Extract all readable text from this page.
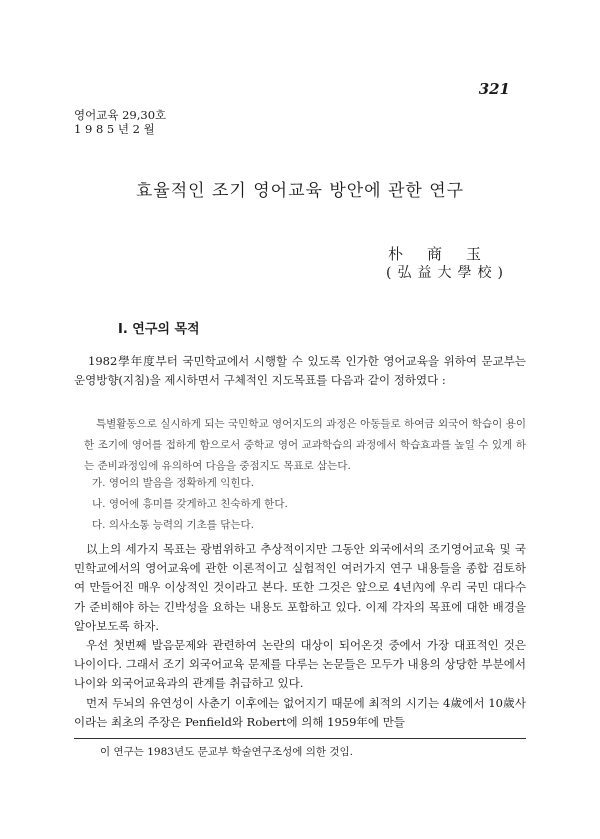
321
영어교육 29,30호
1 9 8 5 년 2 월
효율적인 조기 영어교육 방안에 관한 연구
朴商玉
(弘益大學校)
I. 연구의 목적
1982學年度부터 국민학교에서 시행할 수 있도록 인가한 영어교육을 위하여 문교부는 운영방향(지침)을 제시하면서 구체적인 지도목표를 다음과 같이 정하였다 :
특별활동으로 실시하게 되는 국민학교 영어지도의 과정은 아동들로 하여금 외국어 학습이 용이한 조기에 영어를 접하게 함으로서 중학교 영어 교과학습의 과정에서 학습효과를 높일 수 있게 하는 준비과정임에 유의하여 다음을 중점지도 목표로 삼는다.
가. 영어의 발음을 정확하게 익힌다.
나. 영어에 흥미를 갖게하고 친숙하게 한다.
다. 의사소통 능력의 기초를 닦는다.
以上의 세가지 목표는 광범위하고 추상적이지만 그동안 외국에서의 조기영어교육 및 국민학교에서의 영어교육에 관한 이론적이고 실험적인 여러가지 연구 내용들을 종합 검토하여 만들어진 매우 이상적인 것이라고 본다. 또한 그것은 앞으로 4년內에 우리 국민 대다수가 준비해야 하는 긴박성을 요하는 내용도 포함하고 있다. 이제 각자의 목표에 대한 배경을 알아보도록 하자.
우선 첫번째 발음문제와 관련하여 논란의 대상이 되어온것 중에서 가장 대표적인 것은 나이이다. 그래서 조기 외국어교육 문제를 다루는 논문들은 모두가 내용의 상당한 부분에서 나이와 외국어교육과의 관계를 취급하고 있다.
먼저 두뇌의 유연성이 사춘기 이후에는 없어지기 때문에 최적의 시기는 4歲에서 10歲사이라는 최초의 주장은 Penfield와 Robert에 의해 1959年에 만들
이 연구는 1983년도 문교부 학술연구조성에 의한 것임.
